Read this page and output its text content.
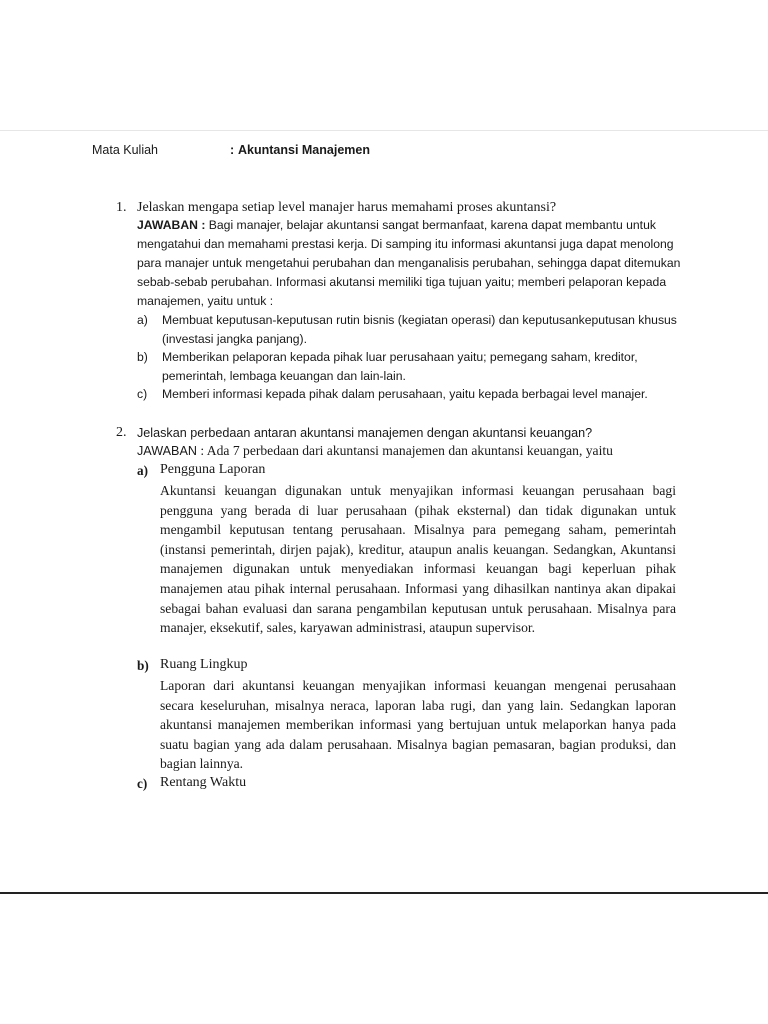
Mata Kuliah	: Akuntansi Manajemen
1. Jelaskan mengapa setiap level manajer harus memahami proses akuntansi?
JAWABAN : Bagi manajer, belajar akuntansi sangat bermanfaat, karena dapat membantu untuk mengatahui dan memahami prestasi kerja. Di samping itu informasi akuntansi juga dapat menolong para manajer untuk mengetahui perubahan dan menganalisis perubahan, sehingga dapat ditemukan sebab-sebab perubahan. Informasi akutansi memiliki tiga tujuan yaitu; memberi pelaporan kepada manajemen, yaitu untuk :
a) Membuat keputusan-keputusan rutin bisnis (kegiatan operasi) dan keputusankeputusan khusus (investasi jangka panjang).
b) Memberikan pelaporan kepada pihak luar perusahaan yaitu; pemegang saham, kreditor, pemerintah, lembaga keuangan dan lain-lain.
c) Memberi informasi kepada pihak dalam perusahaan, yaitu kepada berbagai level manajer.
2. Jelaskan perbedaan antaran akuntansi manajemen dengan akuntansi keuangan?
JAWABAN : Ada 7 perbedaan dari akuntansi manajemen dan akuntansi keuangan, yaitu
a) Pengguna Laporan
Akuntansi keuangan digunakan untuk menyajikan informasi keuangan perusahaan bagi pengguna yang berada di luar perusahaan (pihak eksternal) dan tidak digunakan untuk mengambil keputusan tentang perusahaan. Misalnya para pemegang saham, pemerintah (instansi pemerintah, dirjen pajak), kreditur, ataupun analis keuangan. Sedangkan, Akuntansi manajemen digunakan untuk menyediakan informasi keuangan bagi keperluan pihak manajemen atau pihak internal perusahaan. Informasi yang dihasilkan nantinya akan dipakai sebagai bahan evaluasi dan sarana pengambilan keputusan untuk perusahaan. Misalnya para manajer, eksekutif, sales, karyawan administrasi, ataupun supervisor.
b) Ruang Lingkup
Laporan dari akuntansi keuangan menyajikan informasi keuangan mengenai perusahaan secara keseluruhan, misalnya neraca, laporan laba rugi, dan yang lain. Sedangkan laporan akuntansi manajemen memberikan informasi yang bertujuan untuk melaporkan hanya pada suatu bagian yang ada dalam perusahaan. Misalnya bagian pemasaran, bagian produksi, dan bagian lainnya.
c) Rentang Waktu
